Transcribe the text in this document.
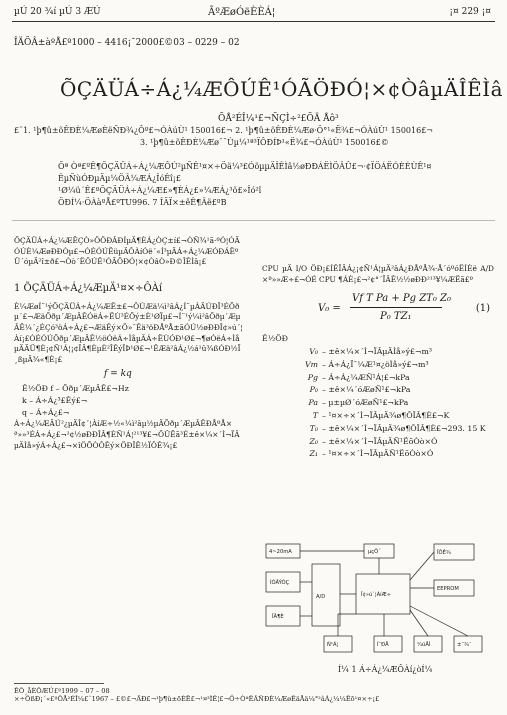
µÚ 20 ¾í µÚ 3 ÆÚ	ÃºÆøÓëÈÈÁ¦	¡¤ 229 ¡¤
ÎÄÕÂ±àºÅ£º1000 – 4416¡¯2000£©03 – 0229 – 02
ÕÇÄÜÁ÷Á¿¼ÆÔÚÊ¹ÓÃÖÐÓ¦×¢ÒâµÄÎÊÌâ
ÕÅ²ÉÎ¼¹£¬ÑÇÌ÷²£ÕÄ Åô³
£¨1. ¹þ¶û±õÊÐÈ¼ÆøÈëÑÐ¾¿Ôº£¬ÓÀúÙ¹ 150016£¬ 2. ¹þ¶û±õÊÐÈ¼Æø·Ö°¹«Ë¾£¬ÓÀúÙ¹ 150016£¬
3. ¹þ¶û±õÊÐÈ¼Æø¯¯Ùµ¼¹ª³ÏÔÐÍÞ¹«Ë¾£¬ÓÀúÙ¹ 150016£©
Õª Òª£ºÊ¶ÕÇÄÜÁ÷Á¿¼ÆÔÚ²µÑÊ¹¤×÷Öä¼³£ÓöµµÄÎÊÌâ½øÐÐÁËÌÖÂÛ£¬·¢ÏÖÁËÓÈÉÙÊ¹¤
ÊµÑùÓÐµÄµ¼ÖÂ¼ÆÁ¿ÎóÊî¡£
¹Ø¼ü´Ê£ºÕÇÄÜÁ÷Á¿¼Æ£»¶ÈÁ¿£»¼ÆÁ¿³õ£»Îó²î
ÖÐÍ¼·ÖÀàºÅ£ºTU996. 7 ÎÄÏ×±êÊ¶Âë£ºB

ÕÇÄÜÁ÷Á¿¼ÆÊÇÒ»ÖÖÐÂÐÍµÄ¶ÈÁ¿ÒÇ±í£¬ÒÑ¾¹ã·ºÓ¦ÓÃÓÚÈ¼ÆøÐÐÒµ£¬ÓÉÓÚËüµÄÔÀíÓë´«Í³µÄÁ÷Á¿¼ÆÓÐÁËºÜ´óµÄ²î±ð£¬Òò´ËÔÚÊ¹ÓÃÖÐÓ¦×¢ÒâÒ»Ð©ÎÊÌâ¡£

1 ÕÇÄÜÁ÷Á¿¼ÆµÄ¹¤×÷ÔÀí

È¼ÆøÍ¨¹ýÕÇÄÜÁ÷Á¿¼ÆÊ±£¬ÔÚÆä¼ì²âÁ¿Í¨µÀÄÚÐÎ³ÉÕðµ´£¬ÆäÕðµ´ÆµÂÊÓëÁ÷ËÙ³ÉÕý±È¹ØÏµ£¬Í¨¹ý¼ì²âÕðµ´ÆµÂÊ¼´¿ÉÇó³öÁ÷Á¿£¬ÆäÊý×Ö»¯Êä³öÐÅºÅ±ãÓÚ½øÐÐÎ¢»ú´¦Àí¡£ÓÉÓÚÕðµ´ÆµÂÊ½öÓëÁ÷ÌåµÄÁ÷ËÙÓÐ¹Ø£¬¶øÓëÁ÷ÌåµÄÃÜ¶È¡¢Ñ¹Á¦¡¢ÎÂ¶ÈµÈ²ÎÊýÎÞ¹Ø£¬¹ÊÆä²âÁ¿½á¹û¾ßÓÐ½Ï¸ßµÄ¾«¶È¡£

f = kq
Ê½ÖÐ f – Õðµ´ÆµÂÊ£¬Hz
k – Á÷Á¿³£Êý£¬
q – Á÷Á¿£¬

Á÷Á¿¼ÆÄÚ²¿µÄÎ¢´¦ÀíÆ÷½«¼ì²âµ½µÄÕðµ´ÆµÂÊÐÅºÅ×ª»»³ÉÁ÷Á¿£¬²¢½øÐÐÎÂ¶ÈÑ¹Á¦²¹³¥£¬ÕÛËã³É±ê×¼×´Ì¬ÏÂµÄÌå»ýÁ÷Á¿£¬×îÖÕÒÔÊý×ÖÐÎÊ½ÏÔÊ¾¡£

CPU µÄ I/O ÖÐ¡£ÍÊÎÂÁ¿¡¢Ñ¹Á¦µÄ²âÁ¿ÐÅºÅ¾·Å´óºóËÍÈë A/D ×ª»»Æ÷£¬ÓÉ CPU ¶ÁÈ¡£¬²¢°´ÏÂÊ½½øÐÐ²¹³¥¼ÆËã£º

V₀ =
Vf T Pa + Pg ZT₀ Z₀
P₀ TZ₁
(1)
Ê½ÖÐ
V₀ – ±ê×¼×´Ì¬ÏÂµÄÌå»ý£¬m³
Vm – Á÷Á¿Ï¯¼Æ¹¤¿öÌå»ý£¬m³
Pg – Á÷Á¿¼ÆÑ¹Á¦£¬kPa
P₀ – ±ê×¼´óÆøÑ¹£¬kPa
Pa – µ±µØ´óÆøÑ¹£¬kPa
T – ¹¤×÷×´Ì¬ÏÂµÄ¾ø¶ÔÎÂ¶È£¬K
T₀ – ±ê×¼×´Ì¬ÏÂµÄ¾ø¶ÔÎÂ¶È£¬293. 15 K
Z₀ – ±ê×¼×´Ì¬ÏÂµÄÑ¹ËõÒò×Ó
Z₁ – ¹¤×÷×´Ì¬ÏÂµÄÑ¹ËõÒò×Ó
4~20mA
ÍÓÂÝÒÇ
ÎÂ¶È
A/D	Î¢»ú´¦ÀíÆ÷
µçÔ´	ÏÔÊ¾
EEPROM
Ñ¹Á¦	Í¨ÐÅ	¼üÅÌ	±¨¾¯
Í¼ 1 Á÷Á¿¼ÆÔÀí¿òÍ¼
ÊÕ¸åÈÕÆÚ£º1999 – 07 – 08
×÷ÕßÐ¡´«£ºÕÅ²ÉÎ¼£¨1967 – £©£¬ÄÐ£¬¹þ¶û±õÈË£¬¹¤³ÌÊ¦£¬Ö÷ÒªÊÂÑÐÈ¼ÆøÊäÅä¼°²âÁ¿¼¼Êõ¹¤×÷¡£
